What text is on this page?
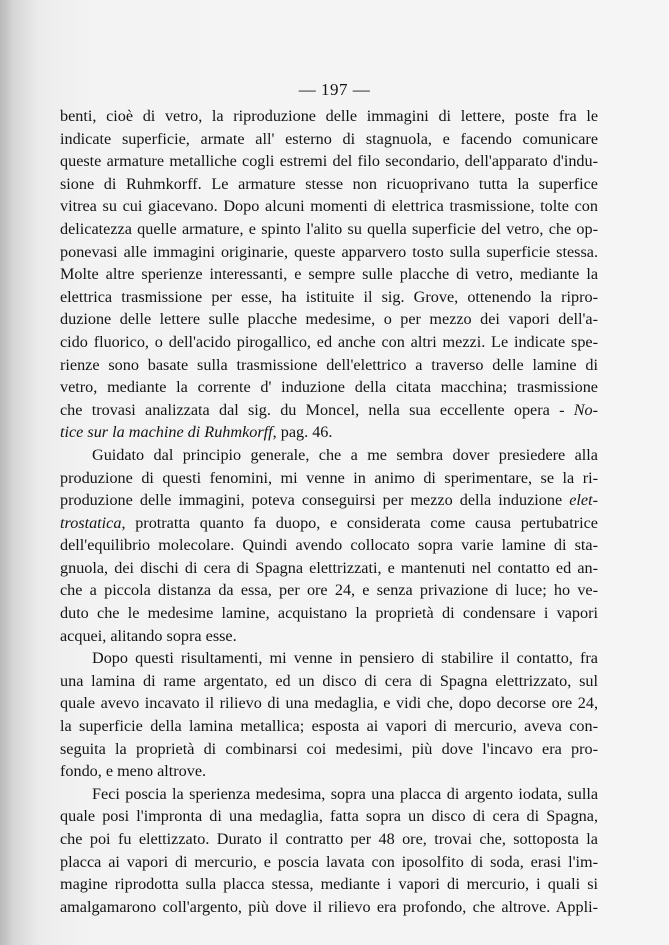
— 197 —
benti, cioè di vetro, la riproduzione delle immagini di lettere, poste fra le
indicate superficie, armate all' esterno di stagnuola, e facendo comunicare
queste armature metalliche cogli estremi del filo secondario, dell'apparato d'indu-
sione di Ruhmkorff. Le armature stesse non ricuoprivano tutta la superfice
vitrea su cui giacevano. Dopo alcuni momenti di elettrica trasmissione, tolte con
delicatezza quelle armature, e spinto l'alito su quella superficie del vetro, che op-
ponevasi alle immagini originarie, queste apparvero tosto sulla superficie stessa.
Molte altre sperienze interessanti, e sempre sulle placche di vetro, mediante la
elettrica trasmissione per esse, ha istituite il sig. Grove, ottenendo la ripro-
duzione delle lettere sulle placche medesime, o per mezzo dei vapori dell'a-
cido fluorico, o dell'acido pirogallico, ed anche con altri mezzi. Le indicate spe-
rienze sono basate sulla trasmissione dell'elettrico a traverso delle lamine di
vetro, mediante la corrente d' induzione della citata macchina; trasmissione
che trovasi analizzata dal sig. du Moncel, nella sua eccellente opera - No-
tice sur la machine di Ruhmkorff, pag. 46.
Guidato dal principio generale, che a me sembra dover presiedere alla
produzione di questi fenomini, mi venne in animo di sperimentare, se la ri-
produzione delle immagini, poteva conseguirsi per mezzo della induzione elet-
trostatica, protratta quanto fa duopo, e considerata come causa pertubatrice
dell'equilibrio molecolare. Quindi avendo collocato sopra varie lamine di sta-
gnuola, dei dischi di cera di Spagna elettrizzati, e mantenuti nel contatto ed an-
che a piccola distanza da essa, per ore 24, e senza privazione di luce; ho ve-
duto che le medesime lamine, acquistano la proprietà di condensare i vapori
acquei, alitando sopra esse.
Dopo questi risultamenti, mi venne in pensiero di stabilire il contatto, fra
una lamina di rame argentato, ed un disco di cera di Spagna elettrizzato, sul
quale avevo incavato il rilievo di una medaglia, e vidi che, dopo decorse ore 24,
la superficie della lamina metallica; esposta ai vapori di mercurio, aveva con-
seguita la proprietà di combinarsi coi medesimi, più dove l'incavo era pro-
fondo, e meno altrove.
Feci poscia la sperienza medesima, sopra una placca di argento iodata, sulla
quale posi l'impronta di una medaglia, fatta sopra un disco di cera di Spagna,
che poi fu elettizzato. Durato il contratto per 48 ore, trovai che, sottoposta la
placca ai vapori di mercurio, e poscia lavata con iposolfito di soda, erasi l'im-
magine riprodotta sulla placca stessa, mediante i vapori di mercurio, i quali si
amalgamarono coll'argento, più dove il rilievo era profondo, che altrove. Appli-
